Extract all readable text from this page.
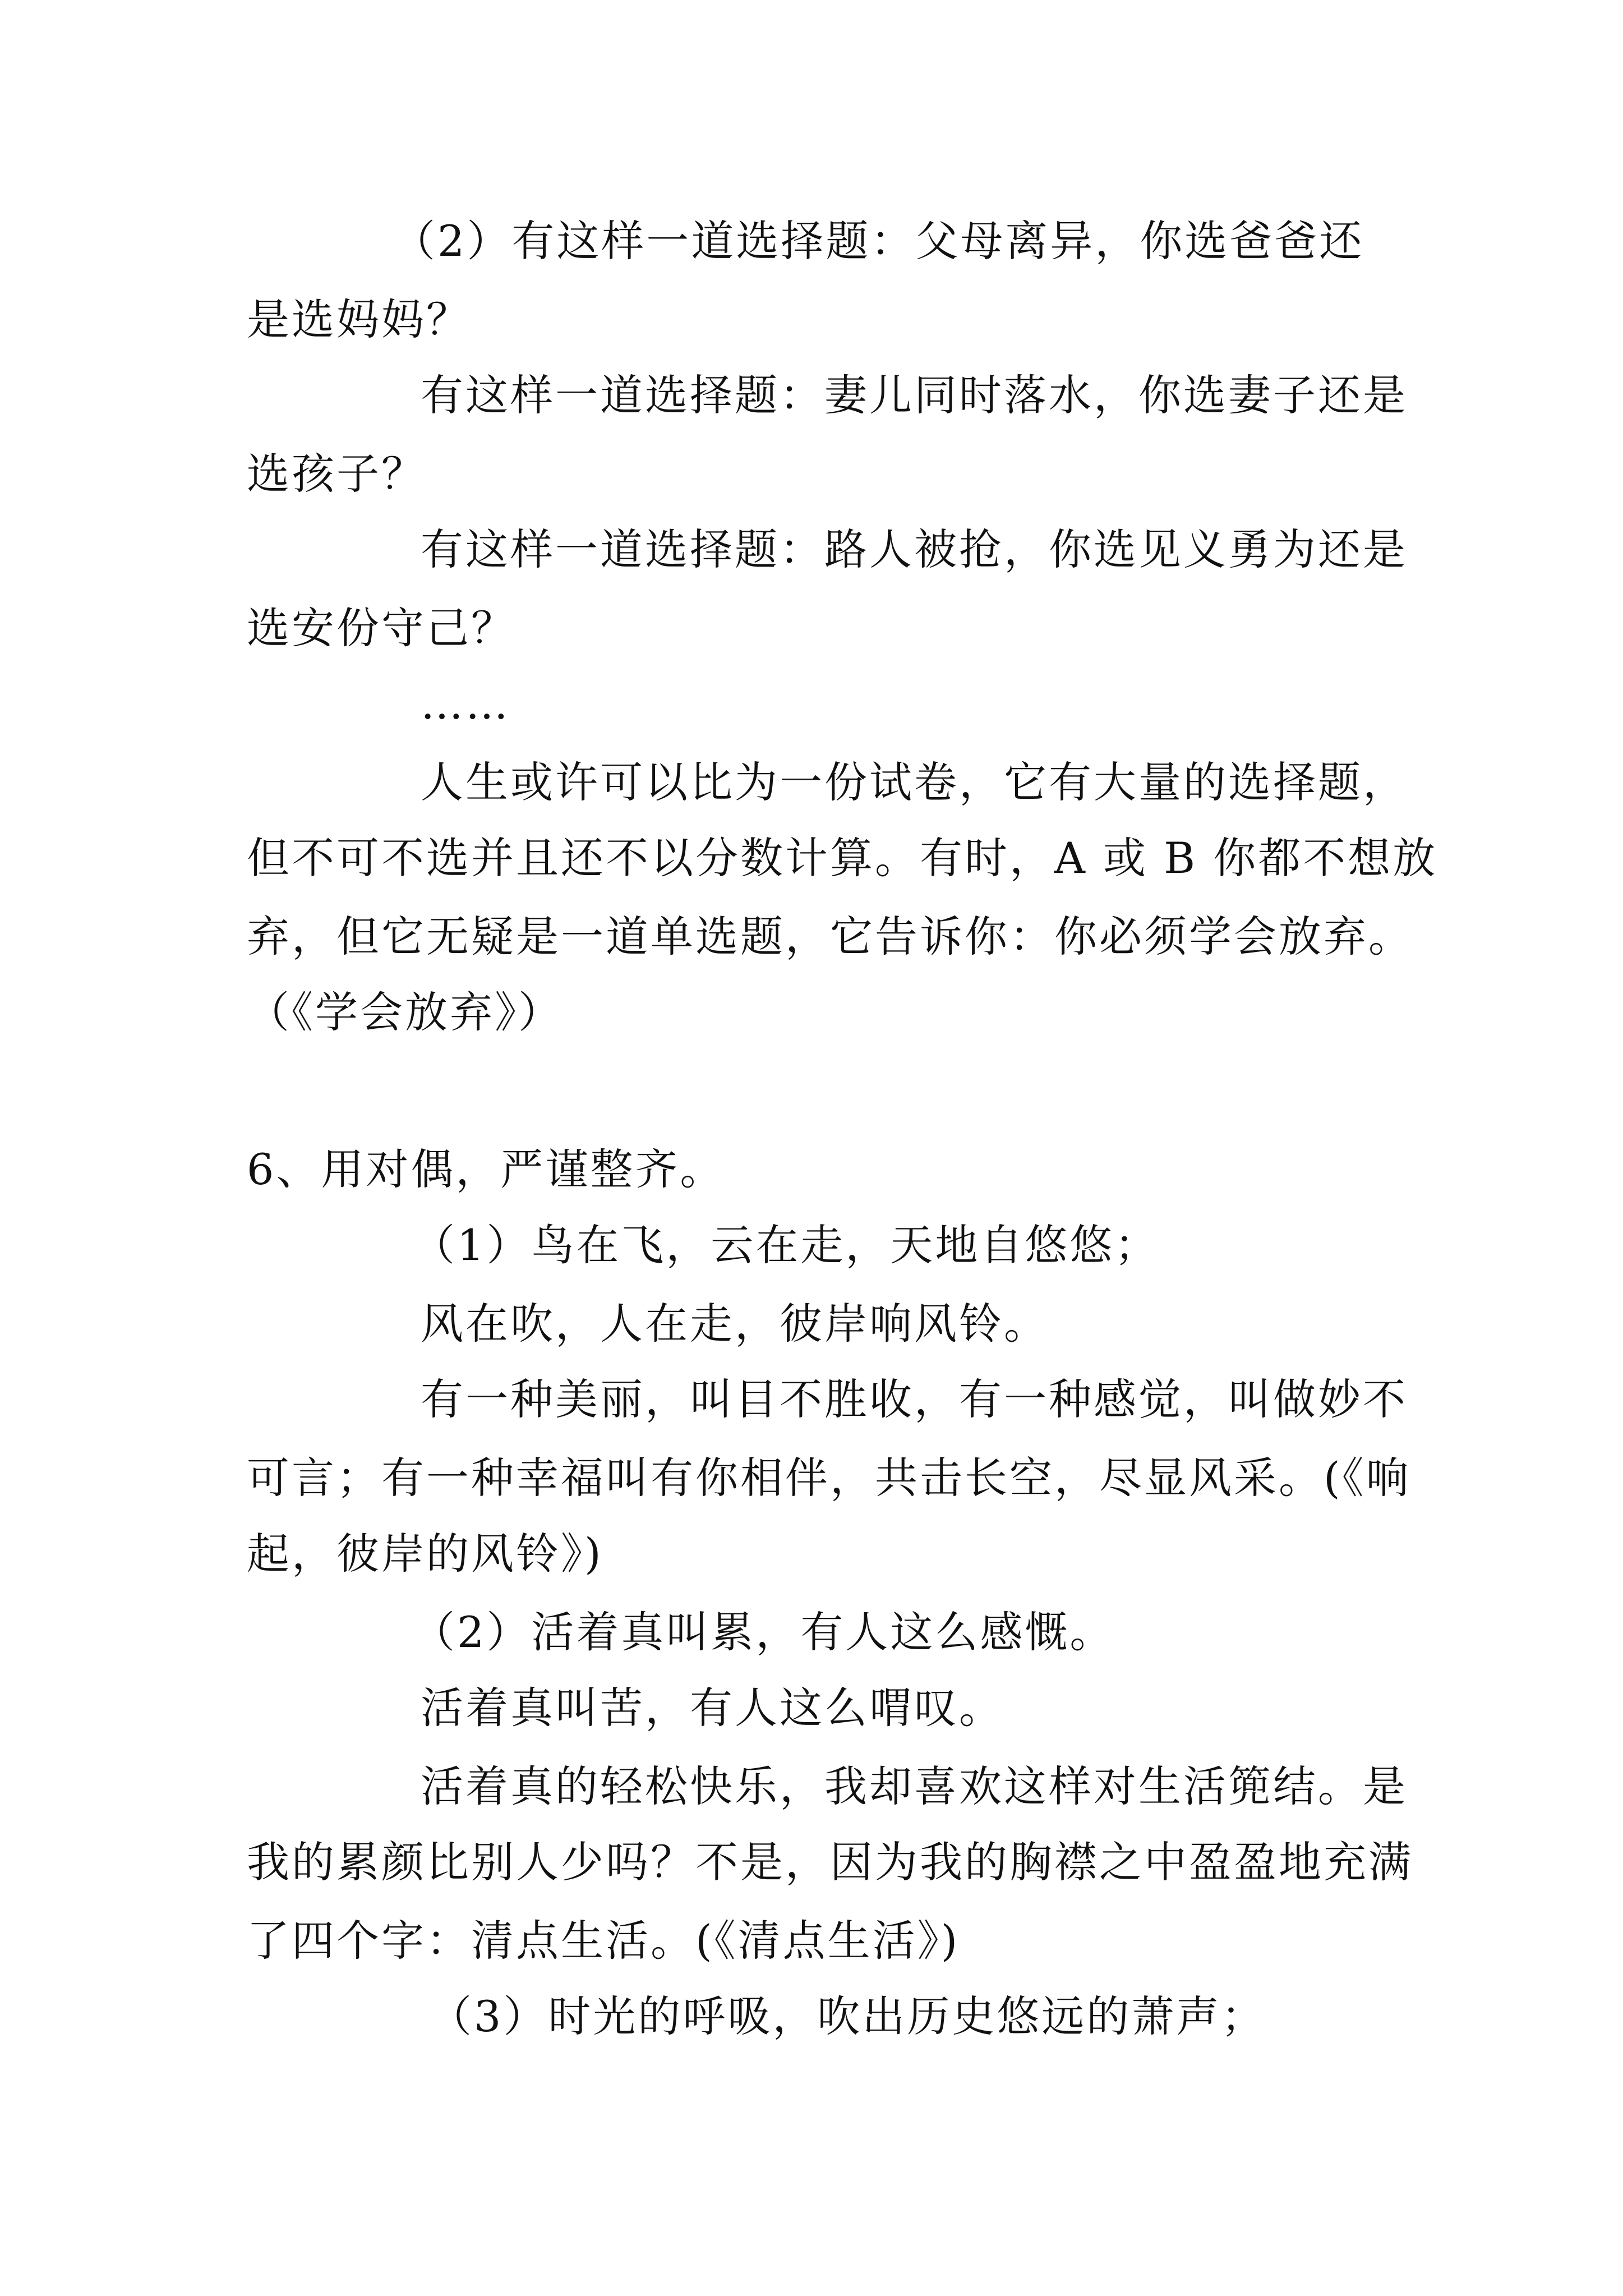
（2）有这样一道选择题：父母离异，你选爸爸还
是选妈妈？
有这样一道选择题：妻儿同时落水，你选妻子还是
选孩子？
有这样一道选择题：路人被抢，你选见义勇为还是
选安份守己？
……
人生或许可以比为一份试卷，它有大量的选择题，
但不可不选并且还不以分数计算。有时，A 或 B 你都不想放
弃，但它无疑是一道单选题，它告诉你：你必须学会放弃。
（《学会放弃》）
6、用对偶，严谨整齐。
（1）鸟在飞，云在走，天地自悠悠；
风在吹，人在走，彼岸响风铃。
有一种美丽，叫目不胜收，有一种感觉，叫做妙不
可言；有一种幸福叫有你相伴，共击长空，尽显风采。(《响
起，彼岸的风铃》)
（2）活着真叫累，有人这么感慨。
活着真叫苦，有人这么喟叹。
活着真的轻松快乐，我却喜欢这样对生活篼结。是
我的累颜比别人少吗？不是，因为我的胸襟之中盈盈地充满
了四个字：清点生活。(《清点生活》)
（3）时光的呼吸，吹出历史悠远的萧声；
